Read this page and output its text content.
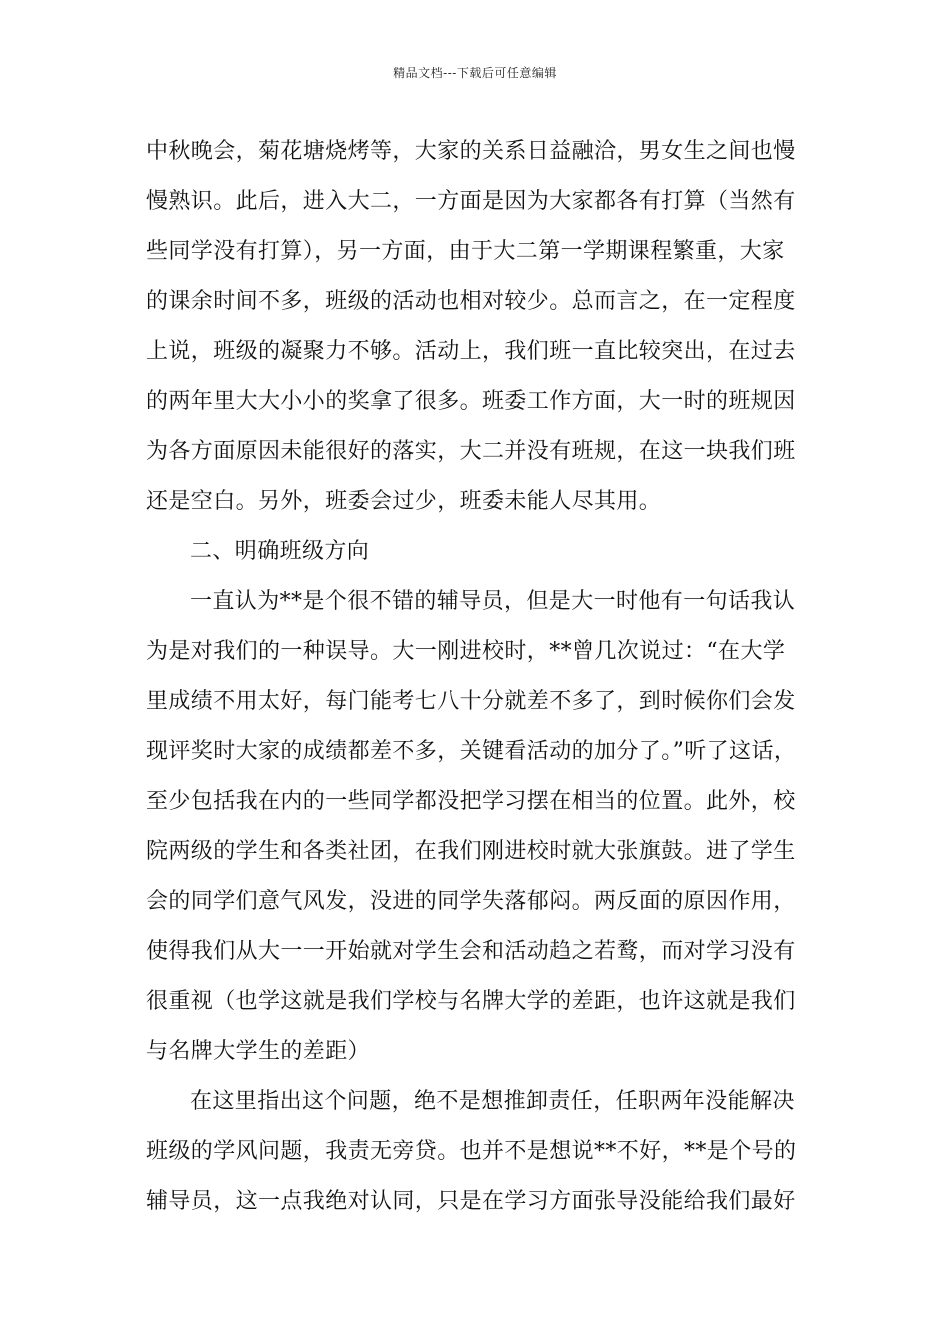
精品文档---下载后可任意编辑

中秋晚会，菊花塘烧烤等，大家的关系日益融洽，男女生之间也慢
慢熟识。此后，进入大二，一方面是因为大家都各有打算（当然有
些同学没有打算），另一方面，由于大二第一学期课程繁重，大家
的课余时间不多，班级的活动也相对较少。总而言之，在一定程度
上说，班级的凝聚力不够。活动上，我们班一直比较突出，在过去
的两年里大大小小的奖拿了很多。班委工作方面，大一时的班规因
为各方面原因未能很好的落实，大二并没有班规，在这一块我们班
还是空白。另外，班委会过少，班委未能人尽其用。

二、明确班级方向

一直认为**是个很不错的辅导员，但是大一时他有一句话我认
为是对我们的一种误导。大一刚进校时，**曾几次说过：“在大学
里成绩不用太好，每门能考七八十分就差不多了，到时候你们会发
现评奖时大家的成绩都差不多，关键看活动的加分了。”听了这话，
至少包括我在内的一些同学都没把学习摆在相当的位置。此外，校
院两级的学生和各类社团，在我们刚进校时就大张旗鼓。进了学生
会的同学们意气风发，没进的同学失落郁闷。两反面的原因作用，
使得我们从大一一开始就对学生会和活动趋之若鹜，而对学习没有
很重视（也学这就是我们学校与名牌大学的差距，也许这就是我们
与名牌大学生的差距）

在这里指出这个问题，绝不是想推卸责任，任职两年没能解决
班级的学风问题，我责无旁贷。也并不是想说**不好，**是个号的
辅导员，这一点我绝对认同，只是在学习方面张导没能给我们最好
